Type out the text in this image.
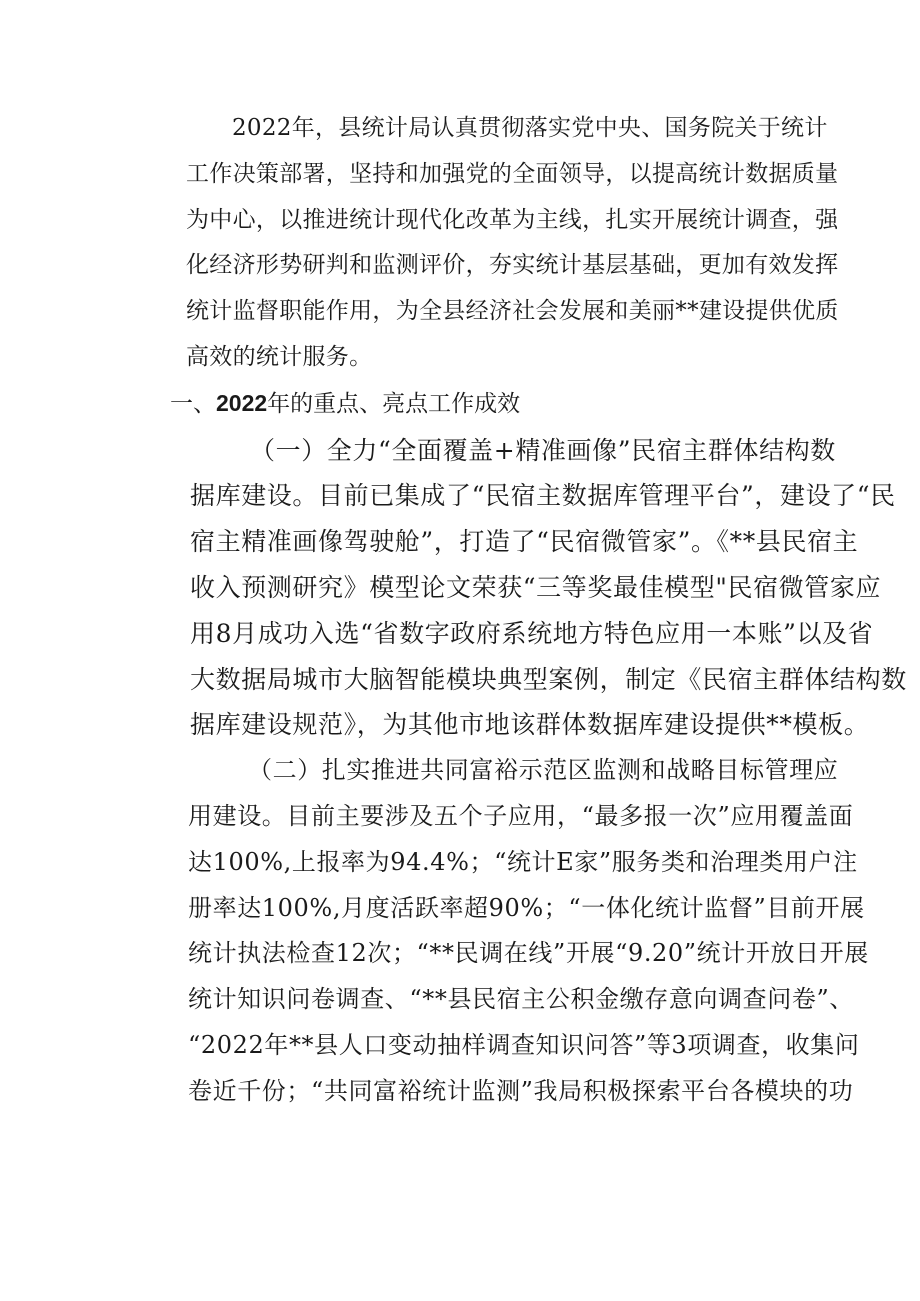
2022年，县统计局认真贯彻落实党中央、国务院关于统计
工作决策部署，坚持和加强党的全面领导，以提高统计数据质量
为中心，以推进统计现代化改革为主线，扎实开展统计调查，强
化经济形势研判和监测评价，夯实统计基层基础，更加有效发挥
统计监督职能作用，为全县经济社会发展和美丽**建设提供优质
高效的统计服务。

一、2022年的重点、亮点工作成效

（一）全力“全面覆盖+精准画像”民宿主群体结构数
据库建设。目前已集成了“民宿主数据库管理平台”，建设了“民
宿主精准画像驾驶舱”，打造了“民宿微管家”。《**县民宿主
收入预测研究》模型论文荣获“三等奖最佳模型"民宿微管家应
用8月成功入选“省数字政府系统地方特色应用一本账”以及省
大数据局城市大脑智能模块典型案例，制定《民宿主群体结构数
据库建设规范》，为其他市地该群体数据库建设提供**模板。

（二）扎实推进共同富裕示范区监测和战略目标管理应
用建设。目前主要涉及五个子应用，“最多报一次”应用覆盖面
达100%,上报率为94.4%；“统计E家”服务类和治理类用户注
册率达100%,月度活跃率超90%；“一体化统计监督”目前开展
统计执法检查12次；“**民调在线”开展“9.20”统计开放日开展
统计知识问卷调查、“**县民宿主公积金缴存意向调查问卷”、
“2022年**县人口变动抽样调查知识问答”等3项调查，收集问
卷近千份；“共同富裕统计监测”我局积极探索平台各模块的功
